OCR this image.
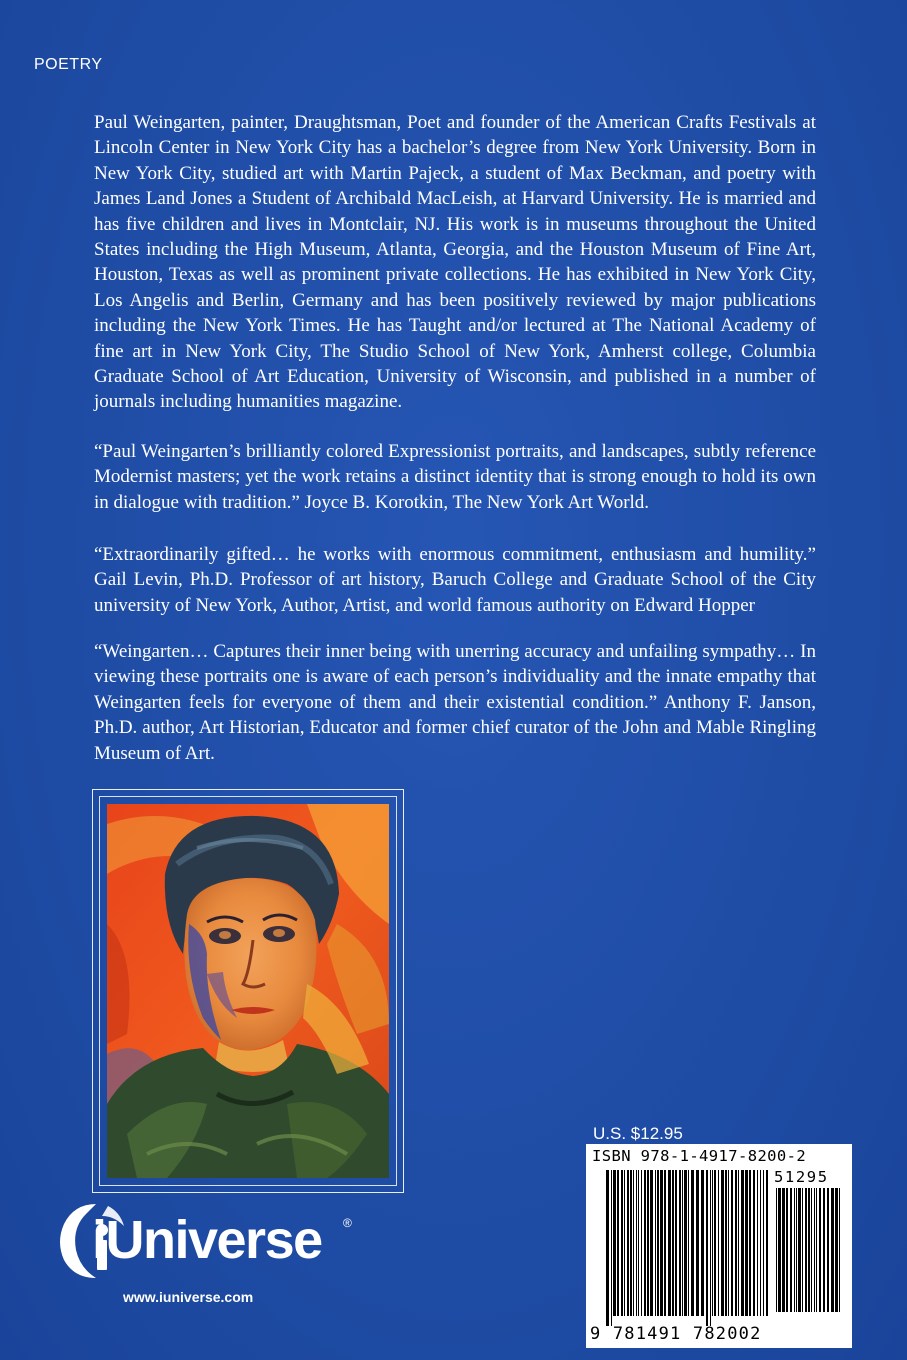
POETRY

Paul Weingarten, painter, Draughtsman, Poet and founder of the American Crafts Festivals at Lincoln Center in New York City has a bachelor’s degree from New York University. Born in New York City, studied art with Martin Pajeck, a student of Max Beckman, and poetry with James Land Jones a Student of Archibald MacLeish, at Harvard University. He is married and has five children and lives in Montclair, NJ. His work is in museums throughout the United States including the High Museum, Atlanta, Georgia, and the Houston Museum of Fine Art, Houston, Texas as well as prominent private collections. He has exhibited in New York City, Los Angelis and Berlin, Germany and has been positively reviewed by major publications including the New York Times. He has Taught and/or lectured at The National Academy of fine art in New York City, The Studio School of New York, Amherst college, Columbia Graduate School of Art Education, University of Wisconsin, and published in a number of journals including humanities magazine.

“Paul Weingarten’s brilliantly colored Expressionist portraits, and landscapes, subtly reference Modernist masters; yet the work retains a distinct identity that is strong enough to hold its own in dialogue with tradition.” Joyce B. Korotkin, The New York Art World.

“Extraordinarily gifted… he works with enormous commitment, enthusiasm and humility.” Gail Levin, Ph.D. Professor of art history, Baruch College and Graduate School of the City university of New York, Author, Artist, and world famous authority on Edward Hopper

“Weingarten… Captures their inner being with unerring accuracy and unfailing sympathy… In viewing these portraits one is aware of each person’s individuality and the innate empathy that Weingarten feels for everyone of them and their existential condition.” Anthony F. Janson, Ph.D. author, Art Historian, Educator and former chief curator of the John and Mable Ringling Museum of Art.

U.S. $12.95
ISBN 978-1-4917-8200-2
51295
9 781491 782002
iUniverse ®
www.iuniverse.com
